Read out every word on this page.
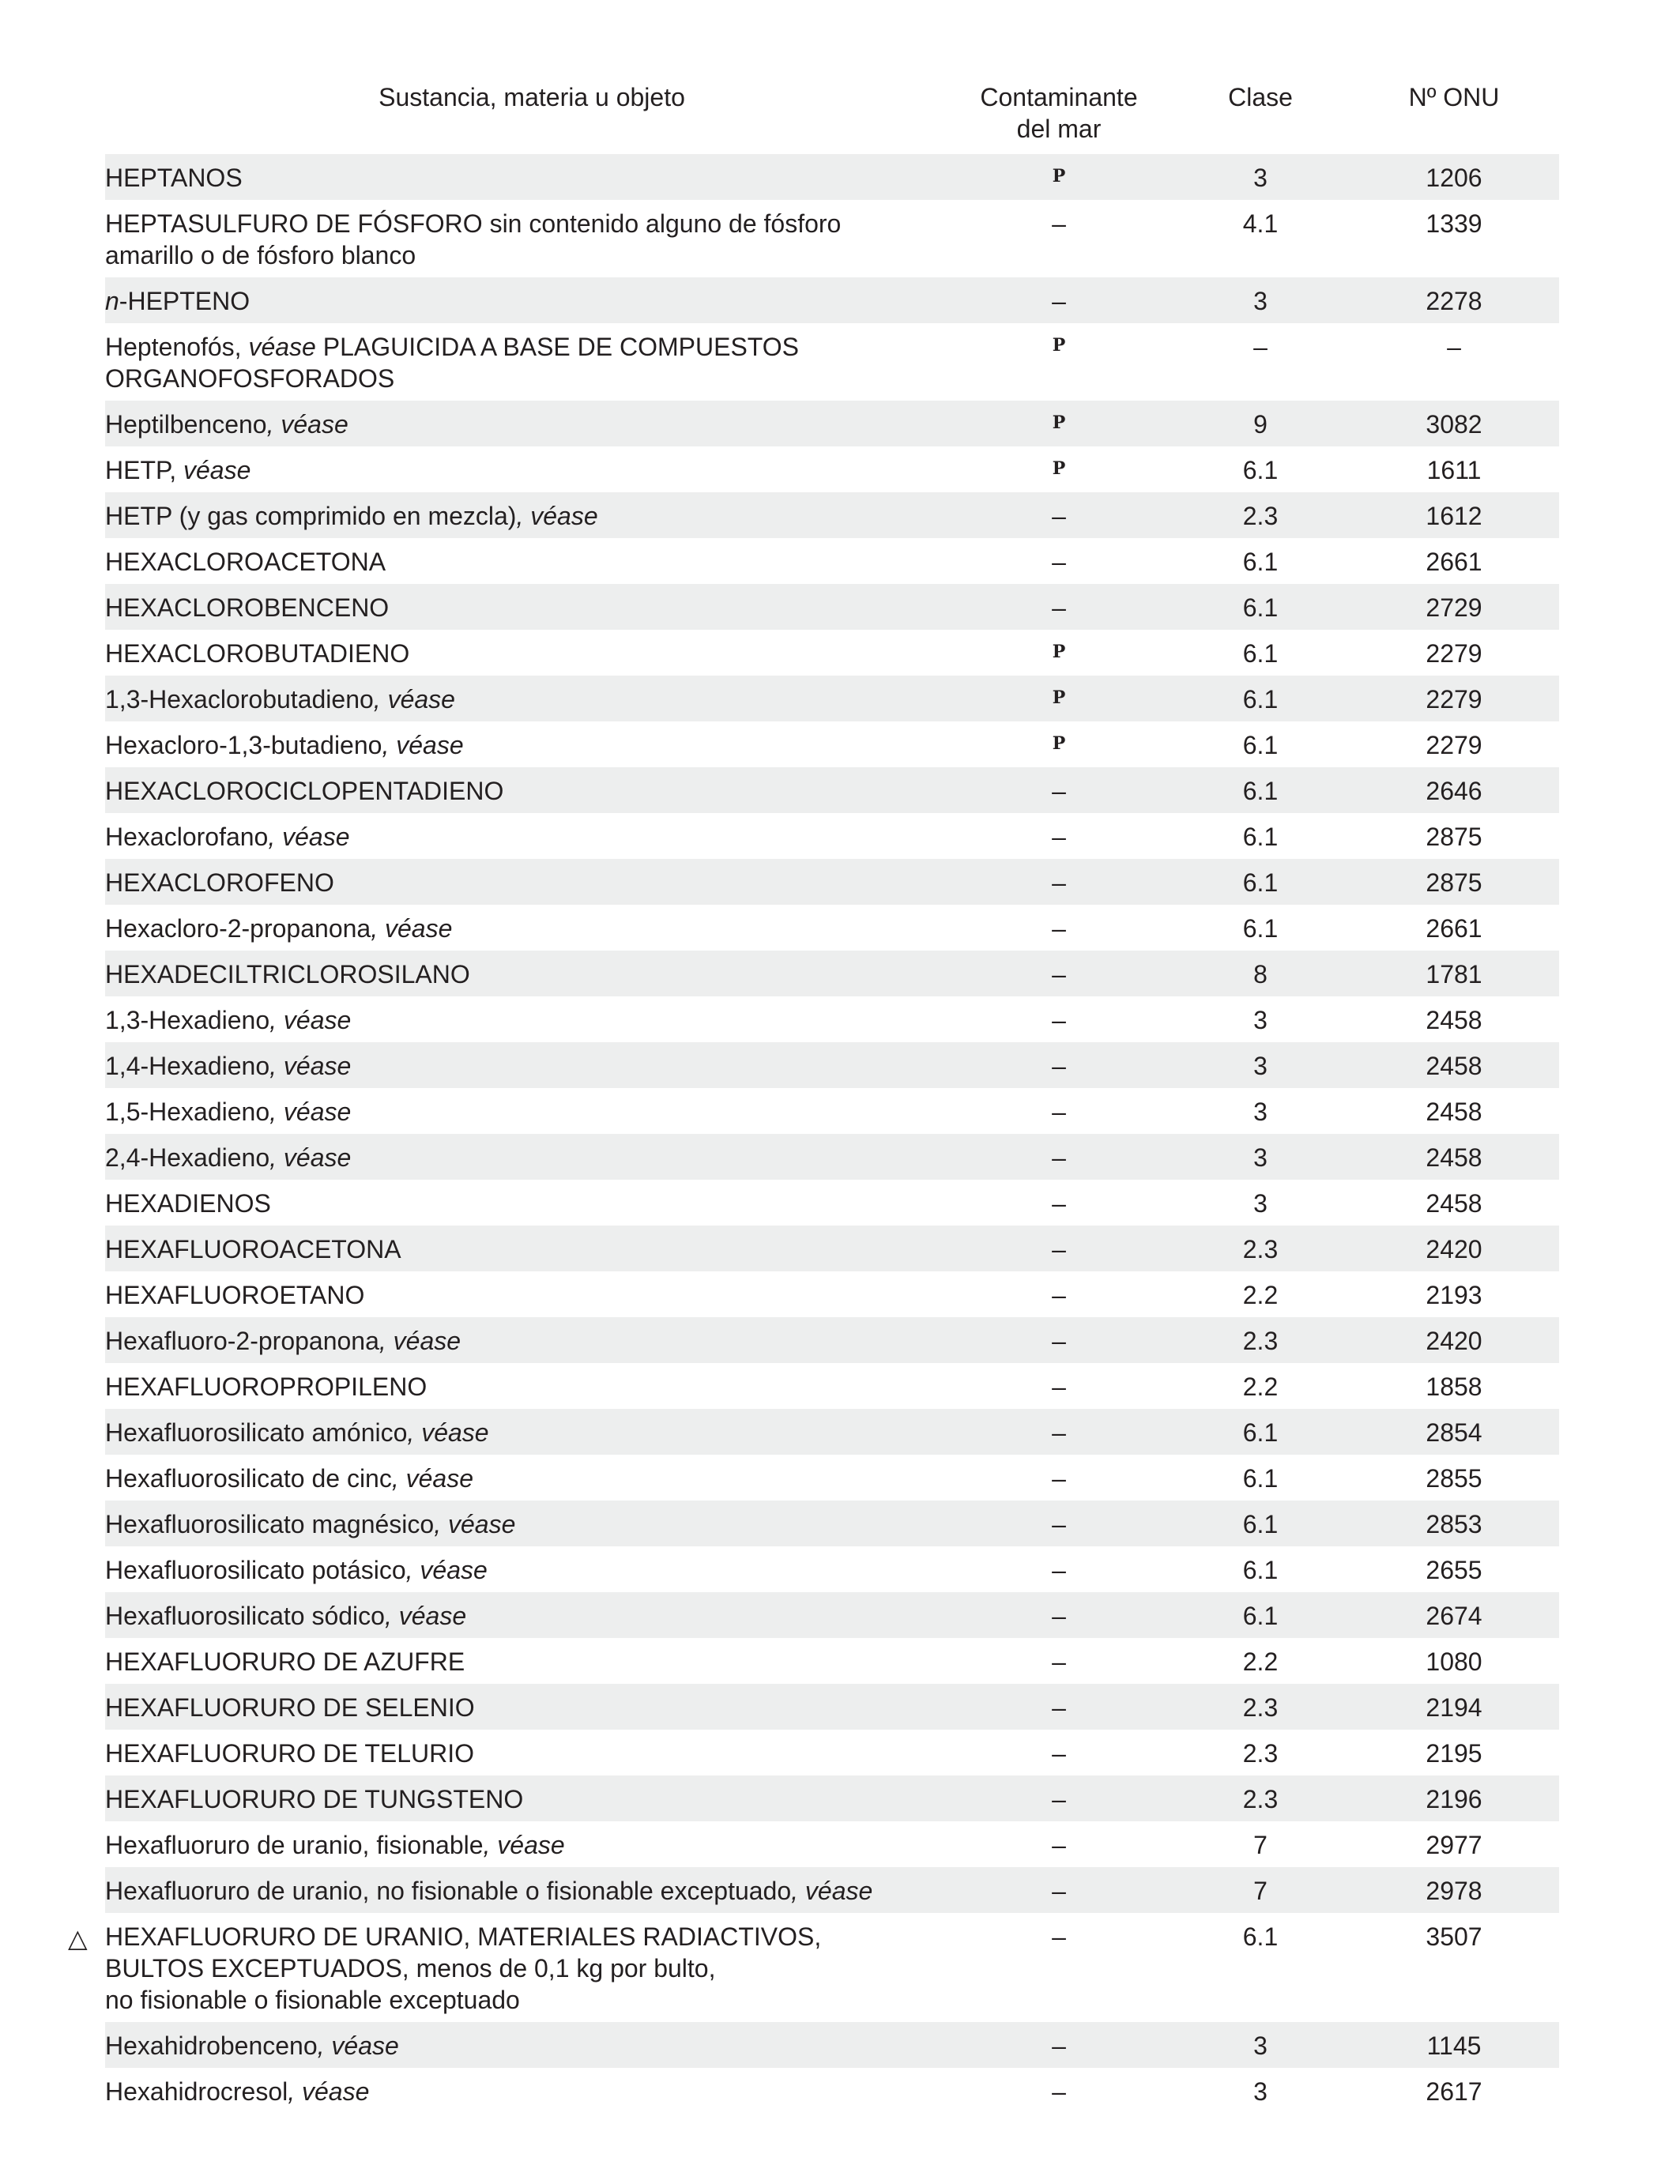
Sustancia, materia u objeto	Contaminante
del mar
Clase	Nº ONU
HEPTANOS	P	3	1206
HEPTASULFURO DE FÓSFORO sin contenido alguno de fósforo
amarillo o de fósforo blanco
–	4.1	1339
n-HEPTENO	–	3	2278
Heptenofós, véase PLAGUICIDA A BASE DE COMPUESTOS
ORGANOFOSFORADOS
P	–	–
Heptilbenceno, véase	P	9	3082
HETP, véase	P	6.1	1611
HETP (y gas comprimido en mezcla), véase	–	2.3	1612
HEXACLOROACETONA	–	6.1	2661
HEXACLOROBENCENO	–	6.1	2729
HEXACLOROBUTADIENO	P	6.1	2279
1,3-Hexaclorobutadieno, véase	P	6.1	2279
Hexacloro-1,3-butadieno, véase	P	6.1	2279
HEXACLOROCICLOPENTADIENO	–	6.1	2646
Hexaclorofano, véase	–	6.1	2875
HEXACLOROFENO	–	6.1	2875
Hexacloro-2-propanona, véase	–	6.1	2661
HEXADECILTRICLOROSILANO	–	8	1781
1,3-Hexadieno, véase	–	3	2458
1,4-Hexadieno, véase	–	3	2458
1,5-Hexadieno, véase	–	3	2458
2,4-Hexadieno, véase	–	3	2458
HEXADIENOS	–	3	2458
HEXAFLUOROACETONA	–	2.3	2420
HEXAFLUOROETANO	–	2.2	2193
Hexafluoro-2-propanona, véase	–	2.3	2420
HEXAFLUOROPROPILENO	–	2.2	1858
Hexafluorosilicato amónico, véase	–	6.1	2854
Hexafluorosilicato de cinc, véase	–	6.1	2855
Hexafluorosilicato magnésico, véase	–	6.1	2853
Hexafluorosilicato potásico, véase	–	6.1	2655
Hexafluorosilicato sódico, véase	–	6.1	2674
HEXAFLUORURO DE AZUFRE	–	2.2	1080
HEXAFLUORURO DE SELENIO	–	2.3	2194
HEXAFLUORURO DE TELURIO	–	2.3	2195
HEXAFLUORURO DE TUNGSTENO	–	2.3	2196
Hexafluoruro de uranio, fisionable, véase	–	7	2977
Hexafluoruro de uranio, no fisionable o fisionable exceptuado, véase	–	7	2978
△ HEXAFLUORURO DE URANIO, MATERIALES RADIACTIVOS,
BULTOS EXCEPTUADOS, menos de 0,1 kg por bulto,
no fisionable o fisionable exceptuado
–	6.1	3507
Hexahidrobenceno, véase	–	3	1145
Hexahidrocresol, véase	–	3	2617
